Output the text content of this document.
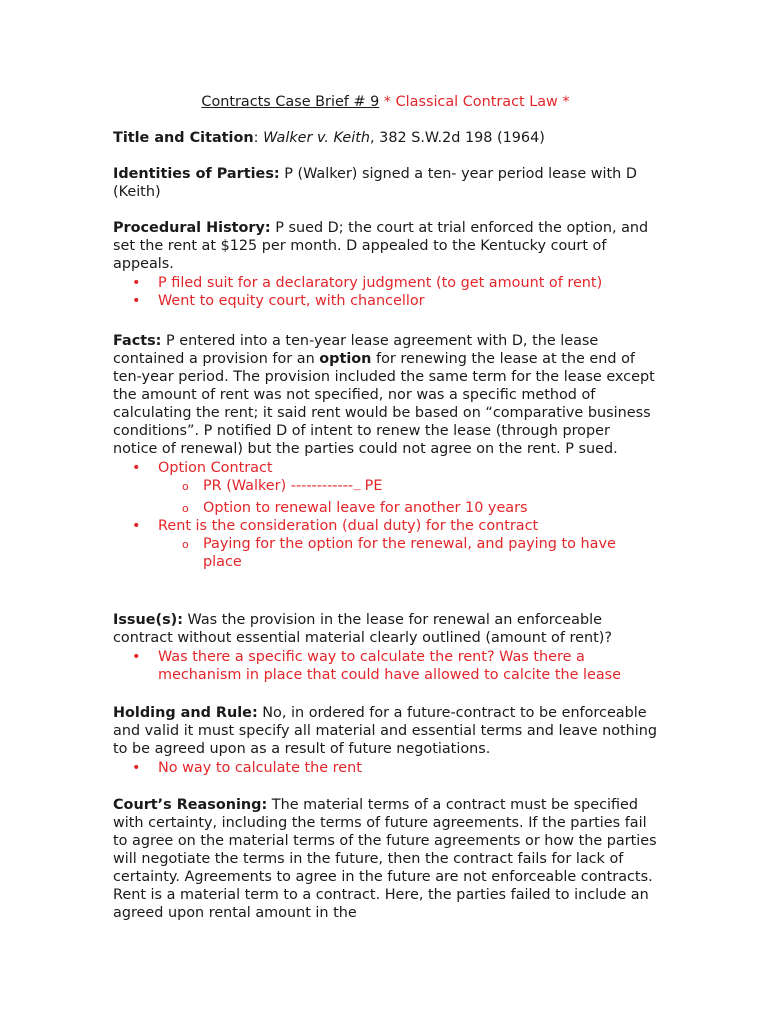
Contracts Case Brief # 9 * Classical Contract Law *

Title and Citation: Walker v. Keith, 382 S.W.2d 198 (1964)

Identities of Parties: P (Walker) signed a ten- year period lease with D (Keith)

Procedural History: P sued D; the court at trial enforced the option, and set the rent at $125 per month. D appealed to the Kentucky court of appeals.

• P filed suit for a declaratory judgment (to get amount of rent)
• Went to equity court, with chancellor

Facts: P entered into a ten-year lease agreement with D, the lease contained a provision for an option for renewing the lease at the end of ten-year period. The provision included the same term for the lease except the amount of rent was not specified, nor was a specific method of calculating the rent; it said rent would be based on “comparative business conditions”. P notified D of intent to renew the lease (through proper notice of renewal) but the parties could not agree on the rent. P sued.

• Option Contract
o PR (Walker) ------------–– PE
o Option to renewal leave for another 10 years
• Rent is the consideration (dual duty) for the contract
o Paying for the option for the renewal, and paying to have place

Issue(s): Was the provision in the lease for renewal an enforceable contract without essential material clearly outlined (amount of rent)?

• Was there a specific way to calculate the rent? Was there a mechanism in place that could have allowed to calcite the lease

Holding and Rule: No, in ordered for a future-contract to be enforceable and valid it must specify all material and essential terms and leave nothing to be agreed upon as a result of future negotiations.

• No way to calculate the rent

Court’s Reasoning: The material terms of a contract must be specified with certainty, including the terms of future agreements. If the parties fail to agree on the material terms of the future agreements or how the parties will negotiate the terms in the future, then the contract fails for lack of certainty. Agreements to agree in the future are not enforceable contracts. Rent is a material term to a contract. Here, the parties failed to include an agreed upon rental amount in the
